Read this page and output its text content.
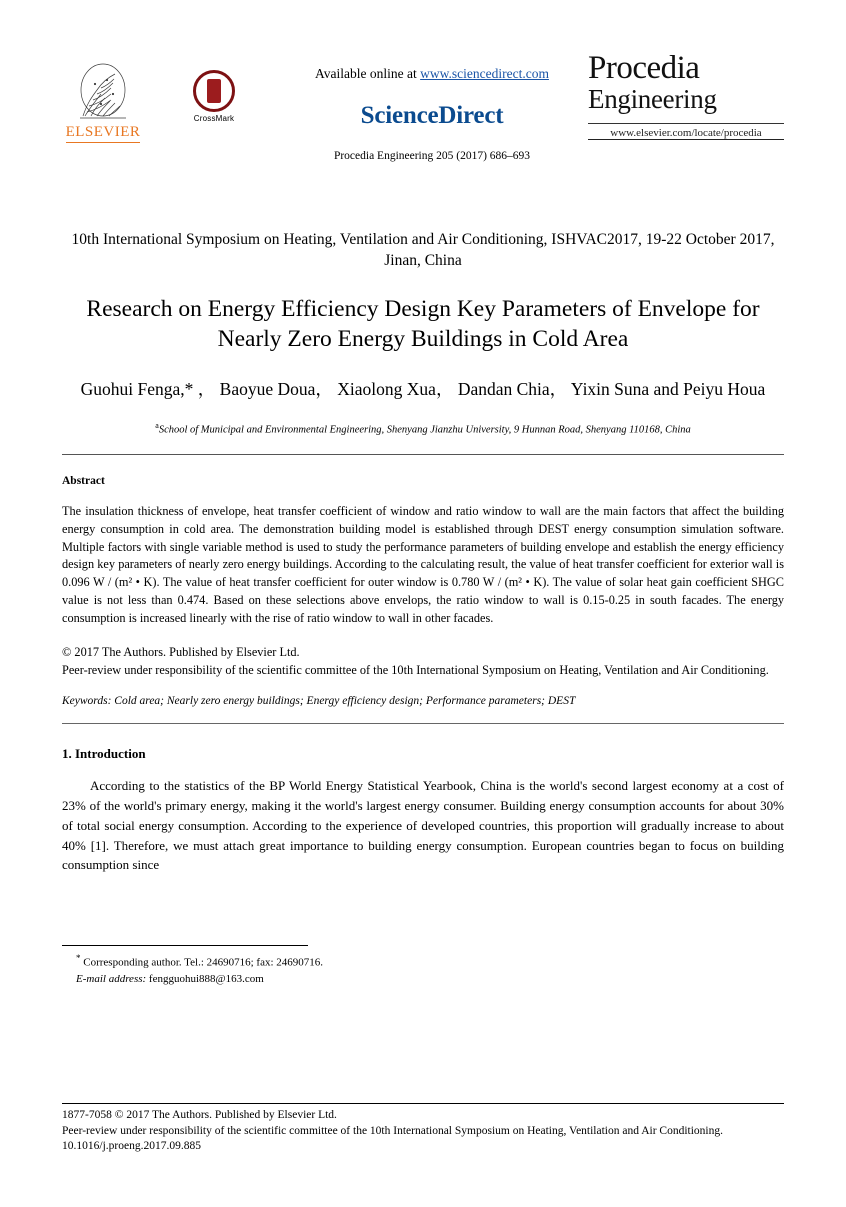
ELSEVIER
CrossMark
Available online at www.sciencedirect.com
ScienceDirect
Procedia Engineering 205 (2017) 686–693
Procedia
Engineering
www.elsevier.com/locate/procedia
10th International Symposium on Heating, Ventilation and Air Conditioning, ISHVAC2017, 19-22 October 2017, Jinan, China
Research on Energy Efficiency Design Key Parameters of Envelope for Nearly Zero Energy Buildings in Cold Area
Guohui Fenga,* ， Baoyue Doua， Xiaolong Xua， Dandan Chia， Yixin Suna and Peiyu Houa
$^a$School of Municipal and Environmental Engineering, Shenyang Jianzhu University, 9 Hunnan Road, Shenyang 110168, China
Abstract
The insulation thickness of envelope, heat transfer coefficient of window and ratio window to wall are the main factors that affect the building energy consumption in cold area. The demonstration building model is established through DEST energy consumption simulation software. Multiple factors with single variable method is used to study the performance parameters of building envelope and establish the energy efficiency design key parameters of nearly zero energy buildings. According to the calculating result, the value of heat transfer coefficient for exterior wall is 0.096 W / (m² • K). The value of heat transfer coefficient for outer window is 0.780 W / (m² • K). The value of solar heat gain coefficient SHGC value is not less than 0.474. Based on these selections above envelops, the ratio window to wall is 0.15-0.25 in south facades. The energy consumption is increased linearly with the rise of ratio window to wall in other facades.
© 2017 The Authors. Published by Elsevier Ltd.
Peer-review under responsibility of the scientific committee of the 10th International Symposium on Heating, Ventilation and Air Conditioning.
Keywords: Cold area; Nearly zero energy buildings; Energy efficiency design; Performance parameters; DEST
1. Introduction
According to the statistics of the BP World Energy Statistical Yearbook, China is the world's second largest economy at a cost of 23% of the world's primary energy, making it the world's largest energy consumer. Building energy consumption accounts for about 30% of total social energy consumption. According to the experience of developed countries, this proportion will gradually increase to about 40% [1]. Therefore, we must attach great importance to building energy consumption. European countries began to focus on building consumption since
* Corresponding author. Tel.: 24690716; fax: 24690716.
E-mail address: fengguohui888@163.com
1877-7058 © 2017 The Authors. Published by Elsevier Ltd.
Peer-review under responsibility of the scientific committee of the 10th International Symposium on Heating, Ventilation and Air Conditioning.
10.1016/j.proeng.2017.09.885
